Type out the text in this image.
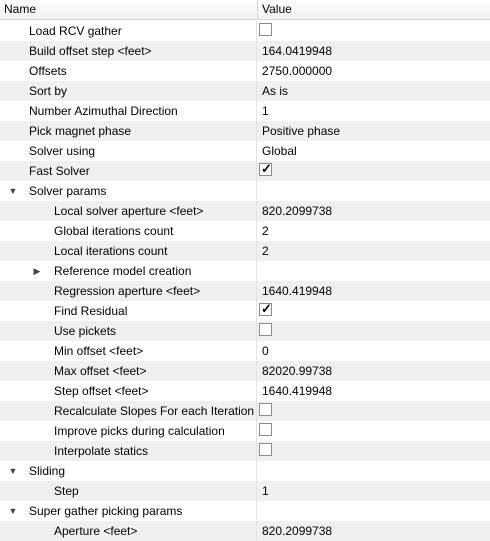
Name	Value
Load RCV gather
Build offset step <feet>	164.0419948
Offsets	2750.000000
Sort by	As is
Number Azimuthal Direction	1
Pick magnet phase	Positive phase
Solver using	Global
Fast Solver	✓
▼ Solver params
Local solver aperture <feet>	820.2099738
Global iterations count	2
Local iterations count	2
▶ Reference model creation
Regression aperture <feet>	1640.419948
Find Residual	✓
Use pickets
Min offset <feet>	0
Max offset <feet>	82020.99738
Step offset <feet>	1640.419948
Recalculate Slopes For each Iteration
Improve picks during calculation
Interpolate statics
▼ Sliding
Step	1
▼ Super gather picking params
Aperture <feet>	820.2099738
